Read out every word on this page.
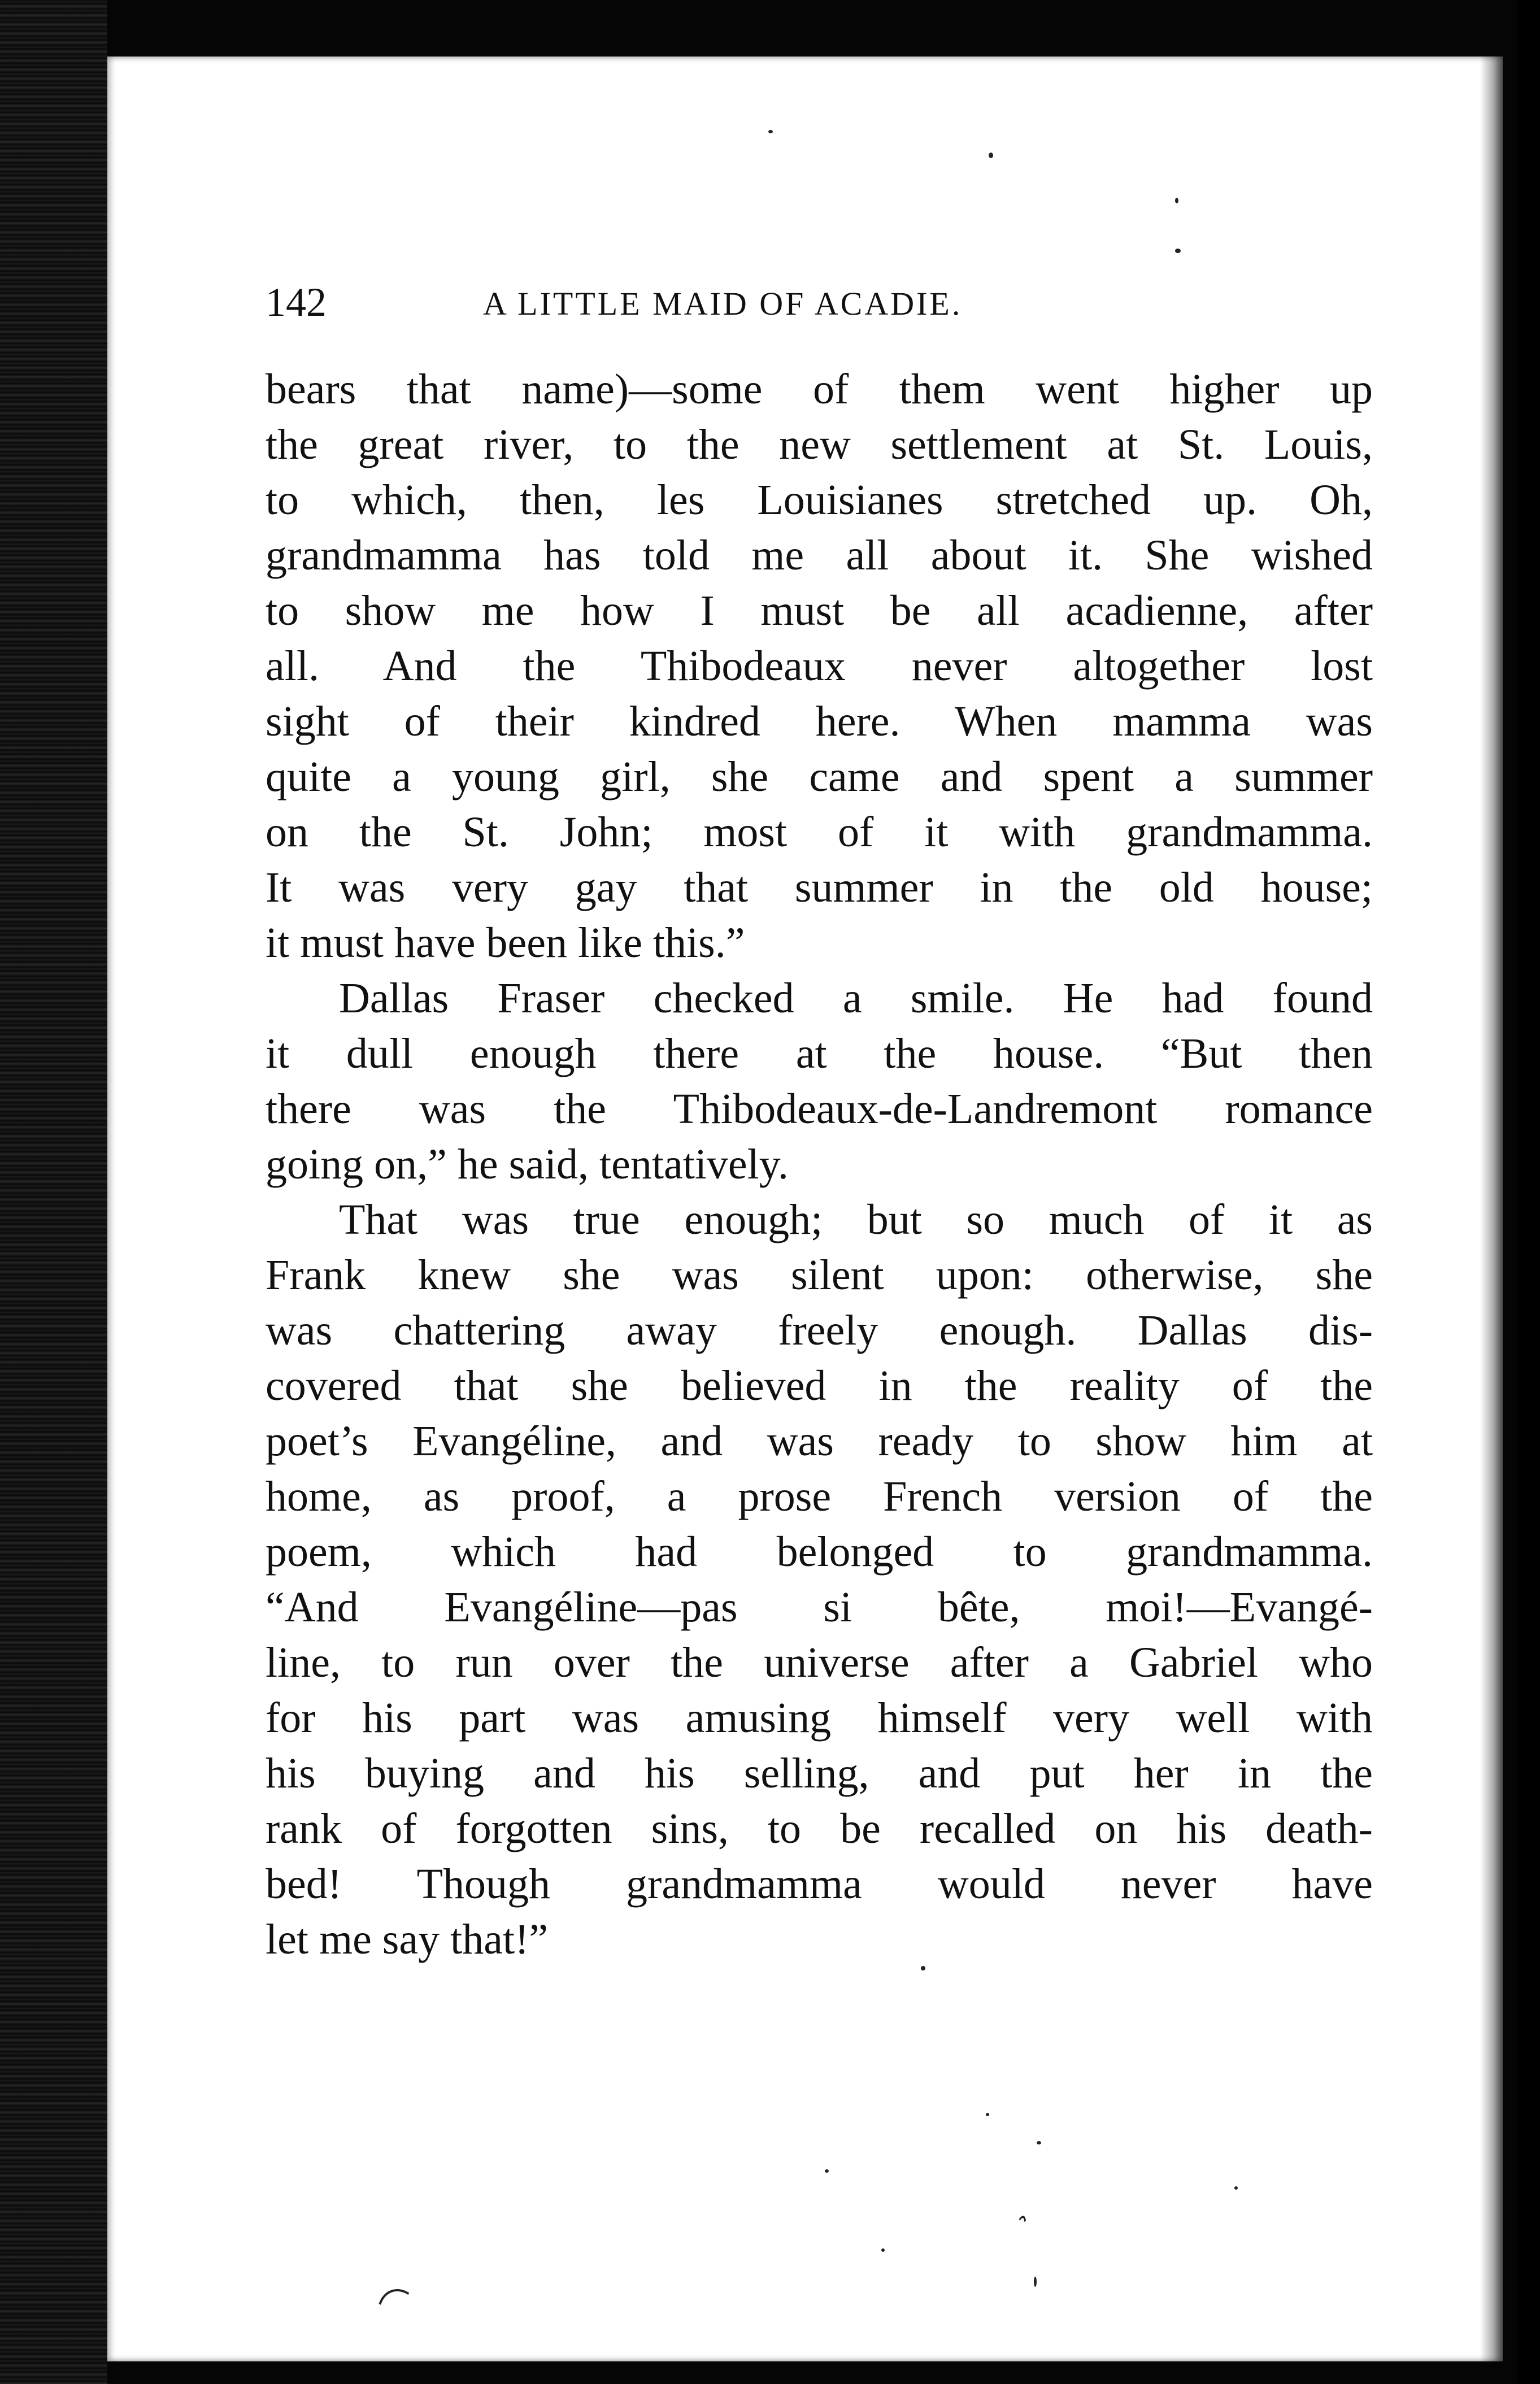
142	A LITTLE MAID OF ACADIE.
bears that name)—some of them went higher up
the great river, to the new settlement at St. Louis,
to which, then, les Louisianes stretched up. Oh,
grandmamma has told me all about it. She wished
to show me how I must be all acadienne, after
all. And the Thibodeaux never altogether lost
sight of their kindred here. When mamma was
quite a young girl, she came and spent a summer
on the St. John; most of it with grandmamma.
It was very gay that summer in the old house;
it must have been like this.”
Dallas Fraser checked a smile. He had found
it dull enough there at the house. “But then
there was the Thibodeaux-de-Landremont romance
going on,” he said, tentatively.
That was true enough; but so much of it as
Frank knew she was silent upon: otherwise, she
was chattering away freely enough. Dallas dis-
covered that she believed in the reality of the
poet’s Evangéline, and was ready to show him at
home, as proof, a prose French version of the
poem, which had belonged to grandmamma.
“And Evangéline—pas si bête, moi!—Evangé-
line, to run over the universe after a Gabriel who
for his part was amusing himself very well with
his buying and his selling, and put her in the
rank of forgotten sins, to be recalled on his death-
bed! Though grandmamma would never have
let me say that!”
